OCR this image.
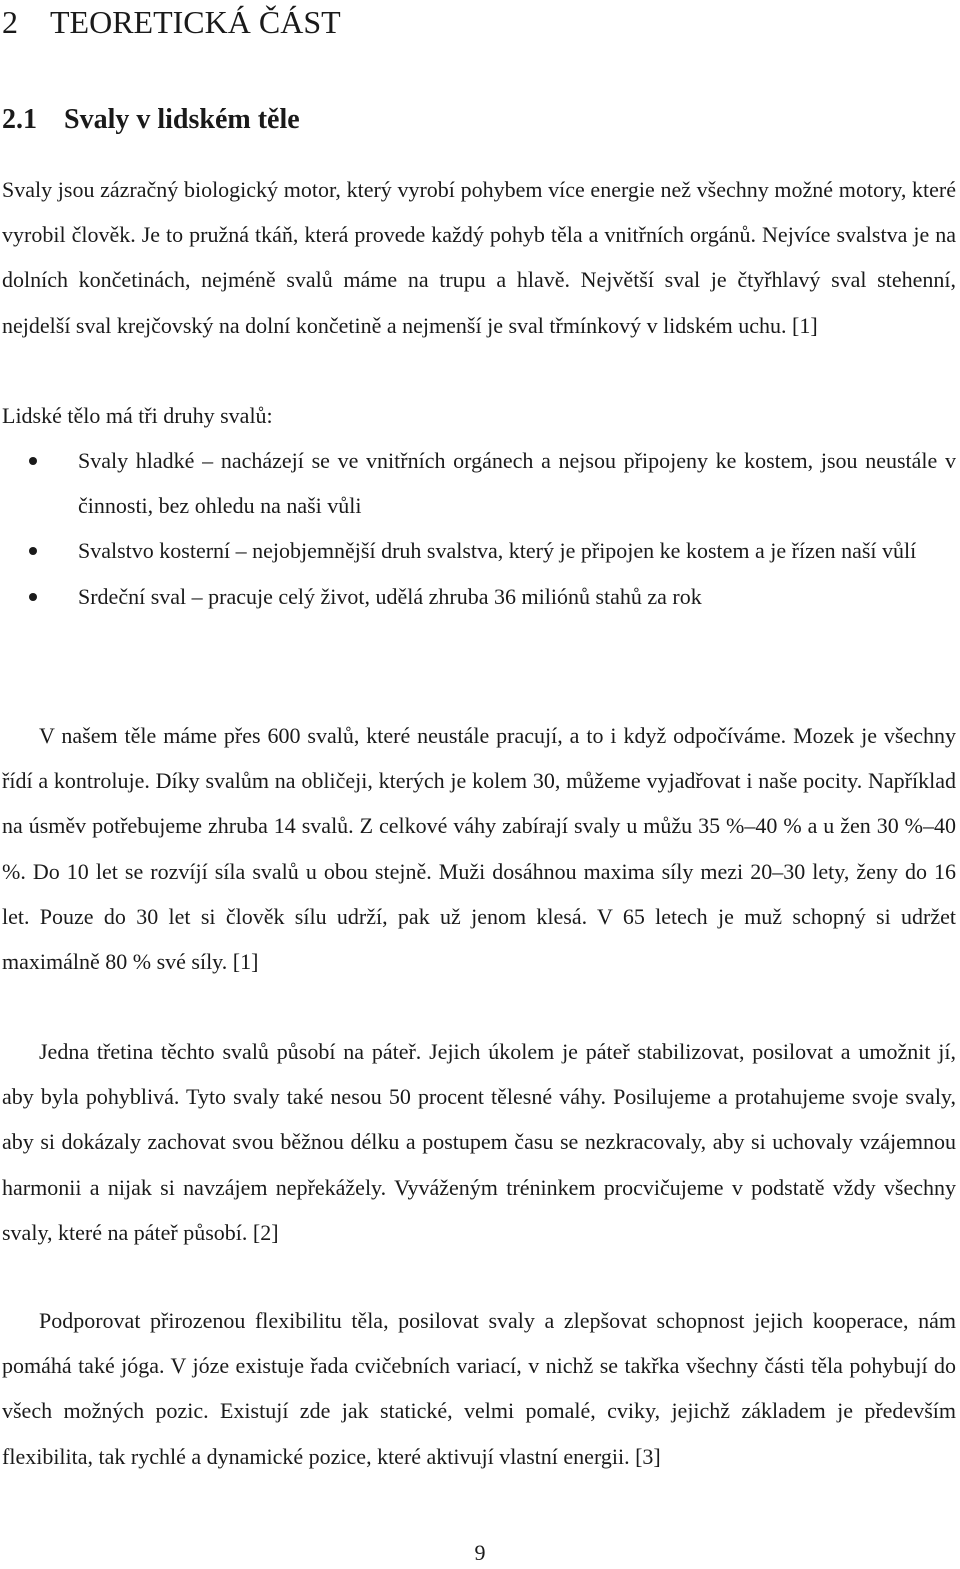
2 TEORETICKÁ ČÁST
2.1 Svaly v lidském těle

Svaly jsou zázračný biologický motor, který vyrobí pohybem více energie než všechny možné motory, které vyrobil člověk. Je to pružná tkáň, která provede každý pohyb těla a vnitřních orgánů. Nejvíce svalstva je na dolních končetinách, nejméně svalů máme na trupu a hlavě. Největší sval je čtyřhlavý sval stehenní, nejdelší sval krejčovský na dolní končetině a nejmenší je sval třmínkový v lidském uchu. [1]

Lidské tělo má tři druhy svalů:

Svaly hladké – nacházejí se ve vnitřních orgánech a nejsou připojeny ke kostem, jsou neustále v činnosti, bez ohledu na naši vůli
Svalstvo kosterní – nejobjemnější druh svalstva, který je připojen ke kostem a je řízen naší vůlí
Srdeční sval – pracuje celý život, udělá zhruba 36 miliónů stahů za rok

V našem těle máme přes 600 svalů, které neustále pracují, a to i když odpočíváme. Mozek je všechny řídí a kontroluje. Díky svalům na obličeji, kterých je kolem 30, můžeme vyjadřovat i naše pocity. Například na úsměv potřebujeme zhruba 14 svalů. Z celkové váhy zabírají svaly u můžu 35 %–40 % a u žen 30 %–40 %. Do 10 let se rozvíjí síla svalů u obou stejně. Muži dosáhnou maxima síly mezi 20–30 lety, ženy do 16 let. Pouze do 30 let si člověk sílu udrží, pak už jenom klesá. V 65 letech je muž schopný si udržet maximálně 80 % své síly. [1]

Jedna třetina těchto svalů působí na páteř. Jejich úkolem je páteř stabilizovat, posilovat a umožnit jí, aby byla pohyblivá. Tyto svaly také nesou 50 procent tělesné váhy. Posilujeme a protahujeme svoje svaly, aby si dokázaly zachovat svou běžnou délku a postupem času se nezkracovaly, aby si uchovaly vzájemnou harmonii a nijak si navzájem nepřekážely. Vyváženým tréninkem procvičujeme v podstatě vždy všechny svaly, které na páteř působí. [2]

Podporovat přirozenou flexibilitu těla, posilovat svaly a zlepšovat schopnost jejich kooperace, nám pomáhá také jóga. V józe existuje řada cvičebních variací, v nichž se takřka všechny části těla pohybují do všech možných pozic. Existují zde jak statické, velmi pomalé, cviky, jejichž základem je především flexibilita, tak rychlé a dynamické pozice, které aktivují vlastní energii. [3]

9
